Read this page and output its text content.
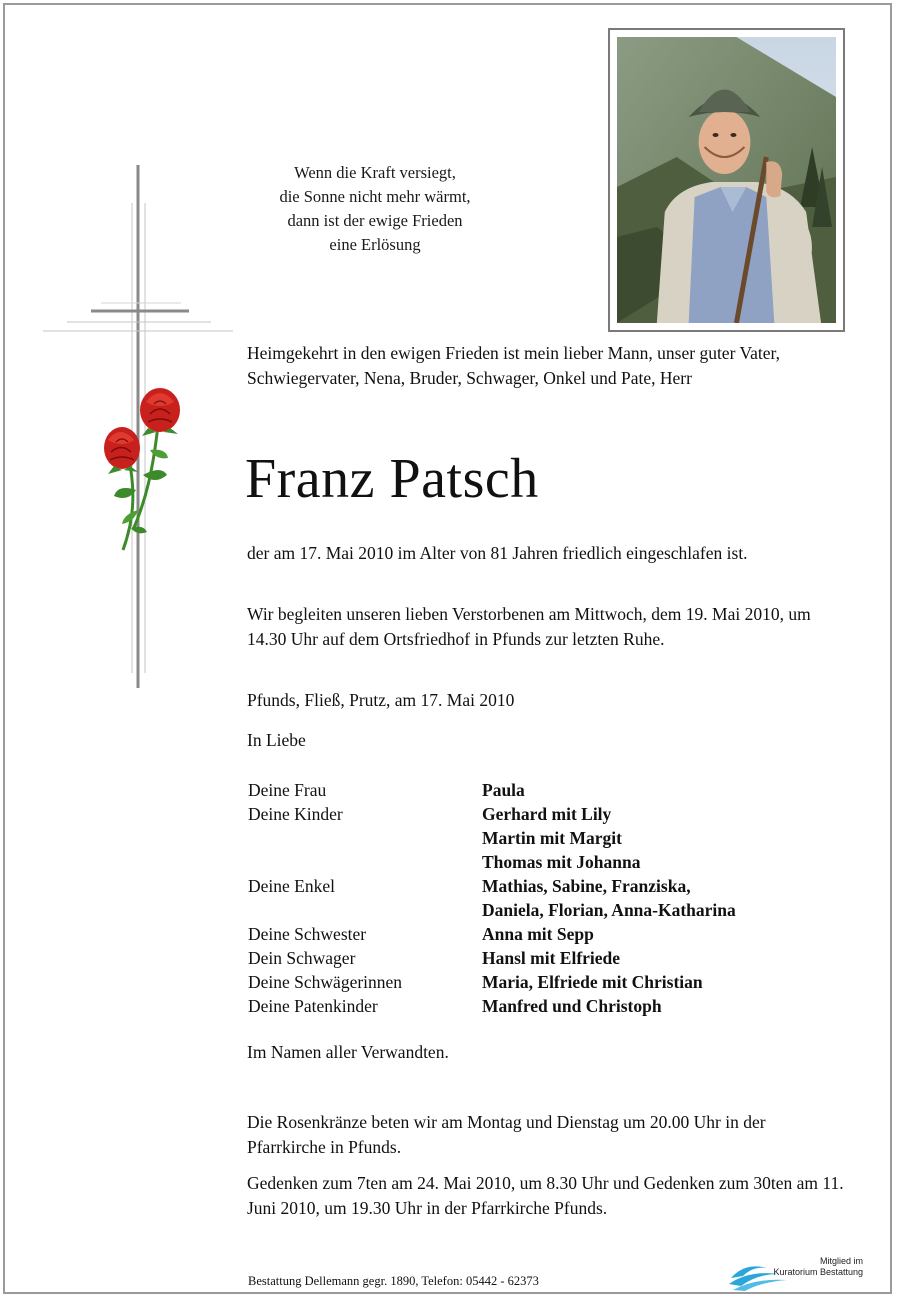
Wenn die Kraft versiegt,
die Sonne nicht mehr wärmt,
dann ist der ewige Frieden
eine Erlösung
Heimgekehrt in den ewigen Frieden ist mein lieber Mann, unser guter Vater, Schwiegervater, Nena, Bruder, Schwager, Onkel und Pate, Herr
Franz Patsch
der am 17. Mai 2010 im Alter von 81 Jahren friedlich eingeschlafen ist.
Wir begleiten unseren lieben Verstorbenen am Mittwoch, dem 19. Mai 2010, um 14.30 Uhr auf dem Ortsfriedhof in Pfunds zur letzten Ruhe.
Pfunds, Fließ, Prutz, am 17. Mai 2010
In Liebe
Deine Frau	Paula
Deine Kinder	Gerhard mit Lily
Martin mit Margit
Thomas mit Johanna
Deine Enkel	Mathias, Sabine, Franziska,
Daniela, Florian, Anna-Katharina
Deine Schwester	Anna mit Sepp
Dein Schwager	Hansl mit Elfriede
Deine Schwägerinnen	Maria, Elfriede mit Christian
Deine Patenkinder	Manfred und Christoph
Im Namen aller Verwandten.
Die Rosenkränze beten wir am Montag und Dienstag um 20.00 Uhr in der Pfarrkirche in Pfunds.
Gedenken zum 7ten am 24. Mai 2010, um 8.30 Uhr und Gedenken zum 30ten am 11. Juni 2010, um 19.30 Uhr in der Pfarrkirche Pfunds.
Bestattung Dellemann gegr. 1890, Telefon: 05442 - 62373
Mitglied im
Kuratorium Bestattung
